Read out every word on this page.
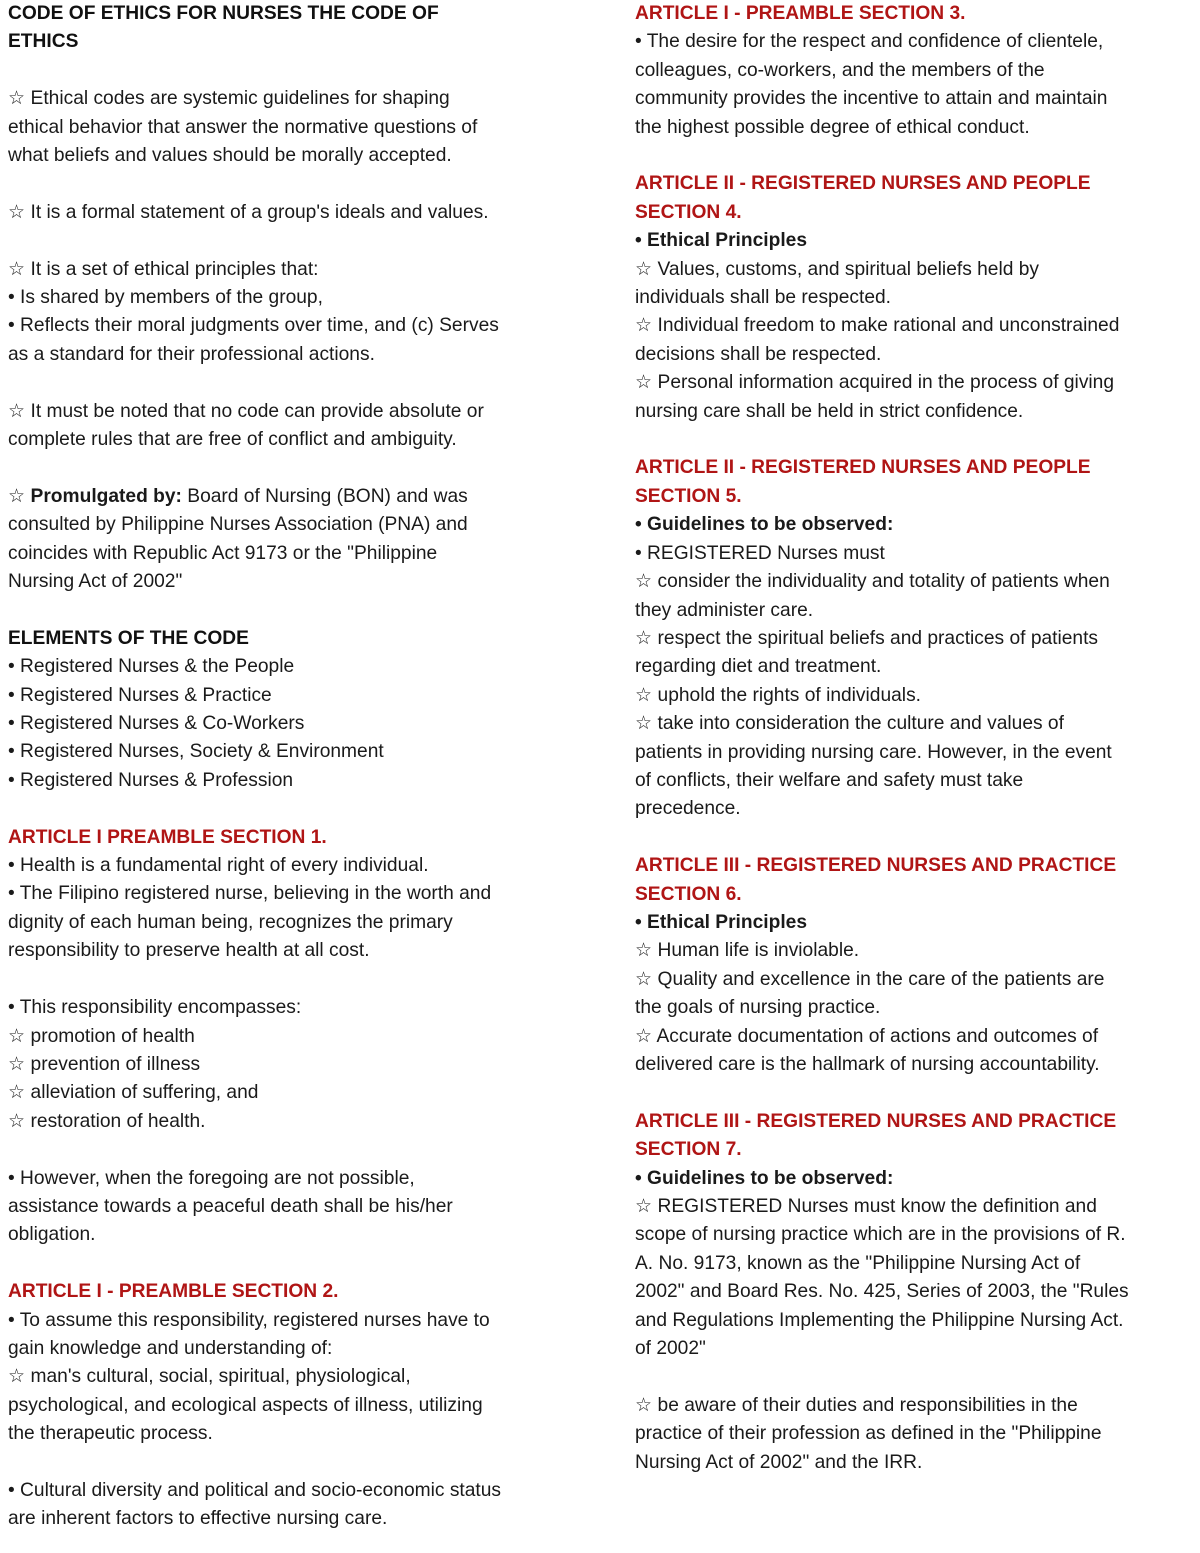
CODE OF ETHICS FOR NURSES THE CODE OF
ETHICS
☆ Ethical codes are systemic guidelines for shaping
ethical behavior that answer the normative questions of
what beliefs and values should be morally accepted.
☆ It is a formal statement of a group's ideals and values.
☆ It is a set of ethical principles that:
• Is shared by members of the group,
• Reflects their moral judgments over time, and (c) Serves
as a standard for their professional actions.
☆ It must be noted that no code can provide absolute or
complete rules that are free of conflict and ambiguity.
☆ Promulgated by: Board of Nursing (BON) and was
consulted by Philippine Nurses Association (PNA) and
coincides with Republic Act 9173 or the "Philippine
Nursing Act of 2002"
ELEMENTS OF THE CODE
• Registered Nurses & the People
• Registered Nurses & Practice
• Registered Nurses & Co-Workers
• Registered Nurses, Society & Environment
• Registered Nurses & Profession
ARTICLE I PREAMBLE SECTION 1.
• Health is a fundamental right of every individual.
• The Filipino registered nurse, believing in the worth and
dignity of each human being, recognizes the primary
responsibility to preserve health at all cost.
• This responsibility encompasses:
☆ promotion of health
☆ prevention of illness
☆ alleviation of suffering, and
☆ restoration of health.
• However, when the foregoing are not possible,
assistance towards a peaceful death shall be his/her
obligation.
ARTICLE I - PREAMBLE SECTION 2.
• To assume this responsibility, registered nurses have to
gain knowledge and understanding of:
☆ man's cultural, social, spiritual, physiological,
psychological, and ecological aspects of illness, utilizing
the therapeutic process.
• Cultural diversity and political and socio-economic status
are inherent factors to effective nursing care.
ARTICLE I - PREAMBLE SECTION 3.
• The desire for the respect and confidence of clientele,
colleagues, co-workers, and the members of the
community provides the incentive to attain and maintain
the highest possible degree of ethical conduct.
ARTICLE II - REGISTERED NURSES AND PEOPLE
SECTION 4.
• Ethical Principles
☆ Values, customs, and spiritual beliefs held by
individuals shall be respected.
☆ Individual freedom to make rational and unconstrained
decisions shall be respected.
☆ Personal information acquired in the process of giving
nursing care shall be held in strict confidence.
ARTICLE II - REGISTERED NURSES AND PEOPLE
SECTION 5.
• Guidelines to be observed:
• REGISTERED Nurses must
☆ consider the individuality and totality of patients when
they administer care.
☆ respect the spiritual beliefs and practices of patients
regarding diet and treatment.
☆ uphold the rights of individuals.
☆ take into consideration the culture and values of
patients in providing nursing care. However, in the event
of conflicts, their welfare and safety must take
precedence.
ARTICLE III - REGISTERED NURSES AND PRACTICE
SECTION 6.
• Ethical Principles
☆ Human life is inviolable.
☆ Quality and excellence in the care of the patients are
the goals of nursing practice.
☆ Accurate documentation of actions and outcomes of
delivered care is the hallmark of nursing accountability.
ARTICLE III - REGISTERED NURSES AND PRACTICE
SECTION 7.
• Guidelines to be observed:
☆ REGISTERED Nurses must know the definition and
scope of nursing practice which are in the provisions of R.
A. No. 9173, known as the "Philippine Nursing Act of
2002" and Board Res. No. 425, Series of 2003, the "Rules
and Regulations Implementing the Philippine Nursing Act.
of 2002"
☆ be aware of their duties and responsibilities in the
practice of their profession as defined in the "Philippine
Nursing Act of 2002" and the IRR.
